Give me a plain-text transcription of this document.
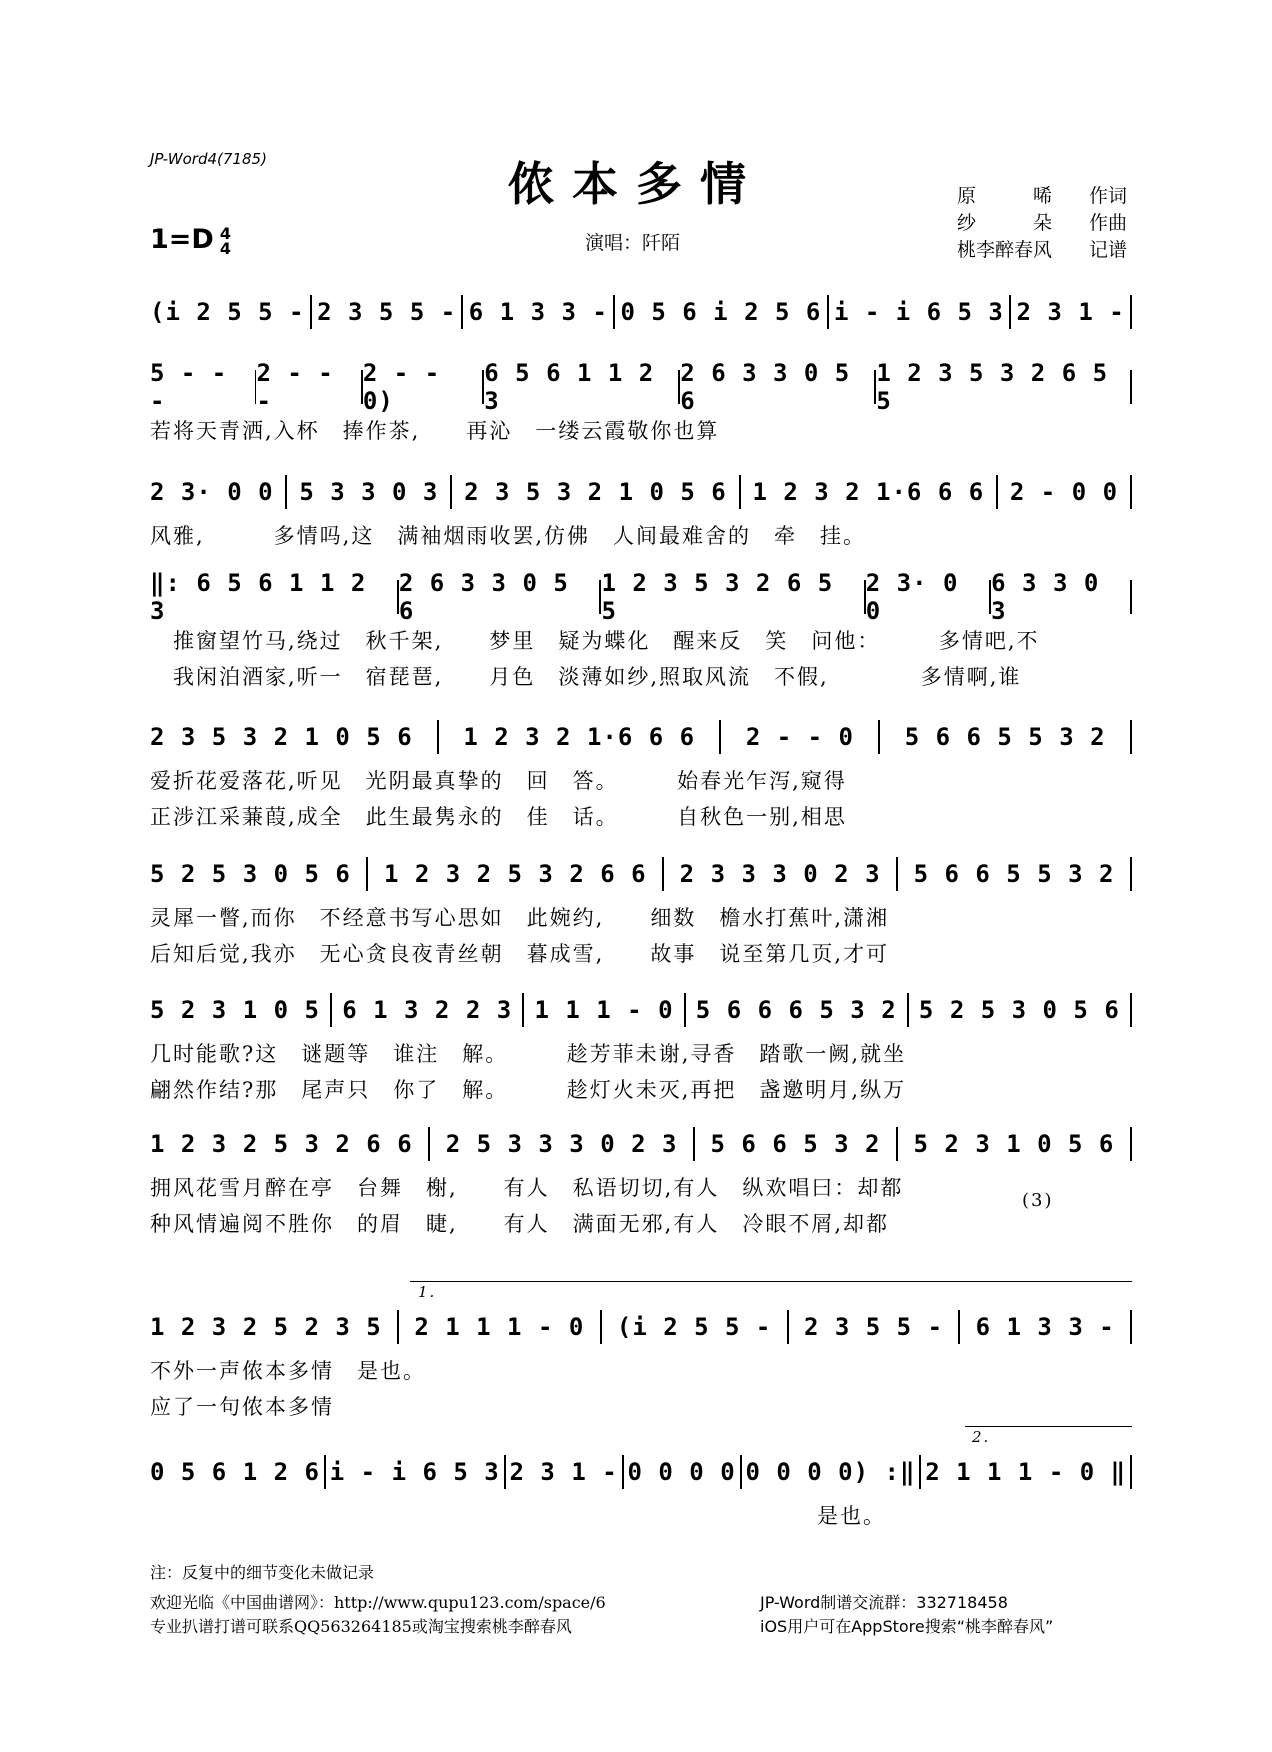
JP-Word4(7185)	侬本多情
1=D 4
4	演唱：阡陌
原　　　唏 作词
纱　　　朵 作曲
桃李醉春风 记谱
(i 2 5 5 - 2 3 5 5 - 6 1 3 3 - 0 5 6 i 2 5 6 i - i 6 5 3 2 3 1 -
5 - - -
2 - - -
2 - - 0)
6 5 6 1 1 2 3
2 6 3 3 0 5 6
1 2 3 5 3 2 6 5 5
若将天青洒,入杯　捧作茶,　　再沁　一缕云霞敬你也算
2 3· 0 0 5 3 3 0 3 2 3 5 3 2 1 0 5 6 1 2 3 2 1·6 6 6 2 - 0 0
风雅,　　　多情吗,这　满袖烟雨收罢,仿佛　人间最难舍的　牵　挂。
‖: 6 5 6 1 1 2 3
2 6 3 3 0 5 6
1 2 3 5 3 2 6 5 5
2 3· 0 0
6 3 3 0 3
　推窗望竹马,绕过　秋千架,　　梦里　疑为蝶化　醒来反　笑　问他：　　　多情吧,不
　我闲泊酒家,听一　宿琵琶,　　月色　淡薄如纱,照取风流　不假,　　　　多情啊,谁
2 3 5 3 2 1 0 5 6 1 2 3 2 1·6 6 6 2 - - 0 5 6 6 5 5 3 2
爱折花爱落花,听见　光阴最真挚的　回　答。　　　始春光乍泻,窥得
正涉江采蒹葭,成全　此生最隽永的　佳　话。　　　自秋色一别,相思
5 2 5 3 0 5 6 1 2 3 2 5 3 2 6 6 2 3 3 3 0 2 3 5 6 6 5 5 3 2
灵犀一瞥,而你　不经意书写心思如　此婉约,　　细数　檐水打蕉叶,潇湘
后知后觉,我亦　无心贪良夜青丝朝　暮成雪,　　故事　说至第几页,才可
5 2 3 1 0 5 6 1 3 2 2 3 1 1 1 - 0 5 6 6 6 5 3 2 5 2 5 3 0 5 6
几时能歌?这　谜题等　谁注　解。　　　趁芳菲未谢,寻香　踏歌一阙,就坐
翩然作结?那　尾声只　你了　解。　　　趁灯火未灭,再把　盏邀明月,纵万
1 2 3 2 5 3 2 6 6 2 5 3 3 3 0 2 3 5 6 6 5 3 2 5 2 3 1 0 5 6
拥风花雪月醉在亭　台舞　榭,　　有人　私语切切,有人　纵欢唱曰：却都
种风情遍阅不胜你　的眉　睫,　　有人　满面无邪,有人　冷眼不屑,却都
(3)
1.
1 2 3 2 5 2 3 5 2 1 1 1 - 0 (i 2 5 5 - 2 3 5 5 - 6 1 3 3 -
不外一声侬本多情　是也。
应了一句侬本多情
2.
0 5 6 1 2 6 i - i 6 5 3 2 3 1 - 0 0 0 0 0 0 0 0) :‖ 2 1 1 1 - 0 ‖
　　　　　　　　　　　　　　　　　　　　　　　　　　　　　是也。
注：反复中的细节变化未做记录
欢迎光临《中国曲谱网》：http://www.qupu123.com/space/6
专业扒谱打谱可联系QQ563264185或淘宝搜索桃李醉春风
JP-Word制谱交流群：332718458
iOS用户可在AppStore搜索“桃李醉春风”
